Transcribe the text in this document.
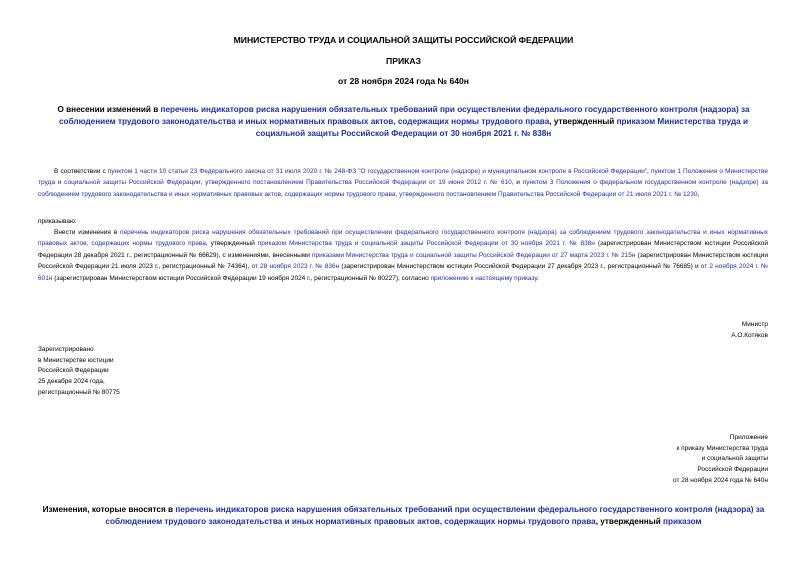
МИНИСТЕРСТВО ТРУДА И СОЦИАЛЬНОЙ ЗАЩИТЫ РОССИЙСКОЙ ФЕДЕРАЦИИ
ПРИКАЗ
от 28 ноября 2024 года № 640н
О внесении изменений в перечень индикаторов риска нарушения обязательных требований при осуществлении федерального государственного контроля (надзора) за соблюдением трудового законодательства и иных нормативных правовых актов, содержащих нормы трудового права, утвержденный приказом Министерства труда и социальной защиты Российской Федерации от 30 ноября 2021 г. № 838н
В соответствии с пунктом 1 части 10 статьи 23 Федерального закона от 31 июля 2020 г. № 248-ФЗ "О государственном контроле (надзоре) и муниципальном контроле в Российской Федерации", пунктом 1 Положения о Министерстве труда и социальной защиты Российской Федерации, утвержденного постановлением Правительства Российской Федерации от 19 июня 2012 г. № 610, и пунктом 3 Положения о федеральном государственном контроле (надзоре) за соблюдением трудового законодательства и иных нормативных правовых актов, содержащих нормы трудового права, утвержденного постановлением Правительства Российской Федерации от 21 июля 2021 г. № 1230,
приказываю:
Внести изменения в перечень индикаторов риска нарушения обязательных требований при осуществлении федерального государственного контроля (надзора) за соблюдением трудового законодательства и иных нормативных правовых актов, содержащих нормы трудового права, утвержденный приказом Министерства труда и социальной защиты Российской Федерации от 30 ноября 2021 г. № 838н (зарегистрирован Министерством юстиции Российской Федерации 28 декабря 2021 г., регистрационный № 66629), с изменениями, внесенными приказами Министерства труда и социальной защиты Российской Федерации от 27 марта 2023 г. № 215н (зарегистрирован Министерством юстиции Российской Федерации 21 июля 2023 г., регистрационный № 74364), от 28 ноября 2023 г. № 836н (зарегистрирован Министерством юстиции Российской Федерации 27 декабря 2023 г., регистрационный № 76685) и от 2 ноября 2024 г. № 601н (зарегистрирован Министерством юстиции Российской Федерации 19 ноября 2024 г., регистрационный № 80227), согласно приложению к настоящему приказу.
Министр
А.О.Котяков
Зарегистрировано
в Министерстве юстиции
Российской Федерации
25 декабря 2024 года,
регистрационный № 80775
Приложение
к приказу Министерства труда
и социальной защиты
Российской Федерации
от 28 ноября 2024 года № 640н
Изменения, которые вносятся в перечень индикаторов риска нарушения обязательных требований при осуществлении федерального государственного контроля (надзора) за соблюдением трудового законодательства и иных нормативных правовых актов, содержащих нормы трудового права, утвержденный приказом
